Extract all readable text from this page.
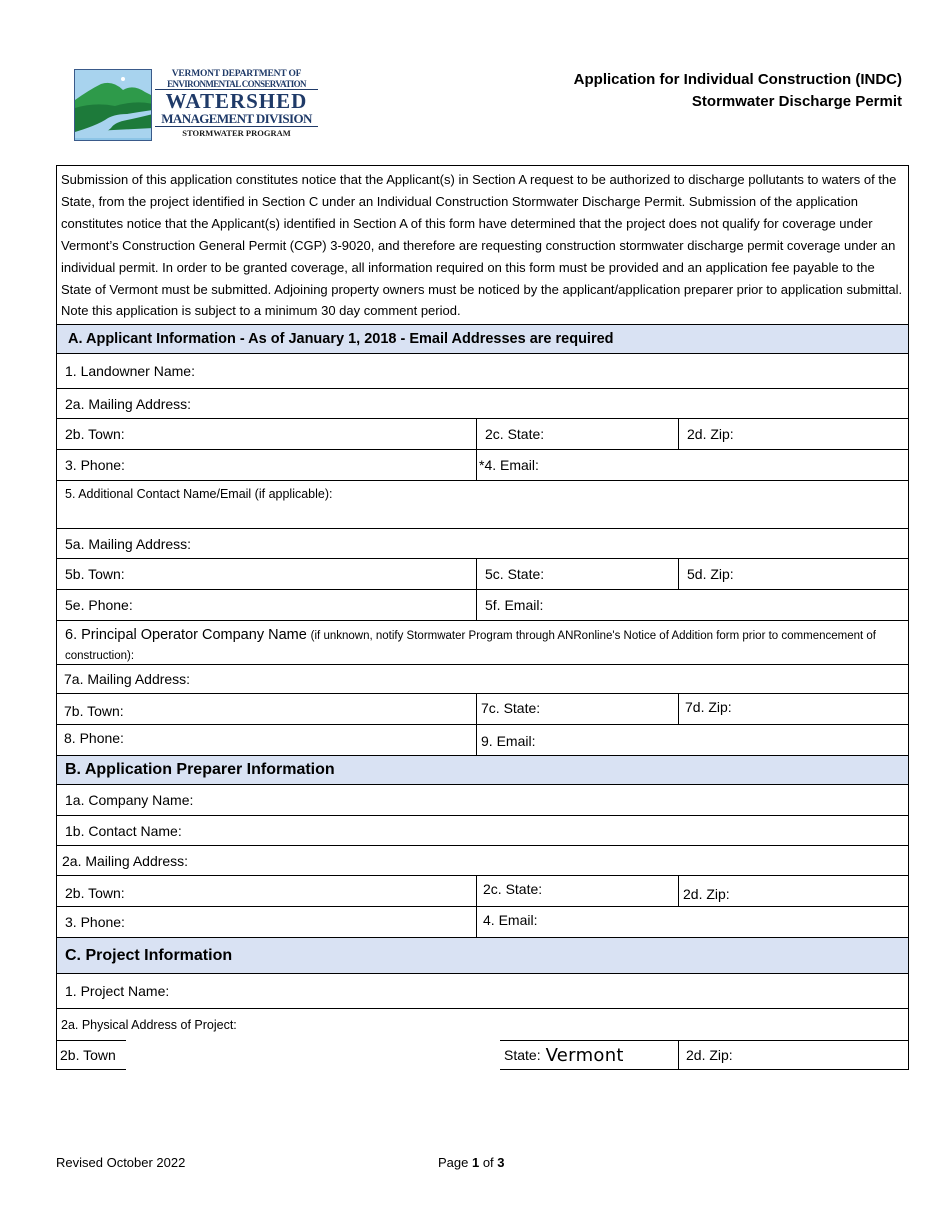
VERMONT DEPARTMENT OF
ENVIRONMENTAL CONSERVATION
WATERSHED
MANAGEMENT DIVISION
STORMWATER PROGRAM
Application for Individual Construction (INDC)
Stormwater Discharge Permit
Submission of this application constitutes notice that the Applicant(s) in Section A request to be authorized to discharge pollutants to waters of the State, from the project identified in Section C under an Individual Construction Stormwater Discharge Permit. Submission of the application constitutes notice that the Applicant(s) identified in Section A of this form have determined that the project does not qualify for coverage under Vermont’s Construction General Permit (CGP) 3-9020, and therefore are requesting construction stormwater discharge permit coverage under an individual permit. In order to be granted coverage, all information required on this form must be provided and an application fee payable to the State of Vermont must be submitted. Adjoining property owners must be noticed by the applicant/application preparer prior to application submittal. Note this application is subject to a minimum 30 day comment period.
A. Applicant Information - As of January 1, 2018 - Email Addresses are required
1. Landowner Name:
2a. Mailing Address:
2b. Town:	2c. State:	2d. Zip:
3. Phone:	*4. Email:
5. Additional Contact Name/Email (if applicable):
5a. Mailing Address:
5b. Town:	5c. State:	5d. Zip:
5e. Phone:	5f. Email:
6. Principal Operator Company Name (if unknown, notify Stormwater Program through ANRonline's Notice of Addition form prior to commencement of construction):
7a. Mailing Address:
7b. Town:	7c. State:	7d. Zip:
8. Phone:	9. Email:
B. Application Preparer Information
1a. Company Name:
1b. Contact Name:
2a. Mailing Address:
2b. Town:	2c. State:	2d. Zip:
3. Phone:	4. Email:
C. Project Information
1. Project Name:
2a. Physical Address of Project:
2b. Town	State: Vermont	2d. Zip:
Revised October 2022	Page 1 of 3
